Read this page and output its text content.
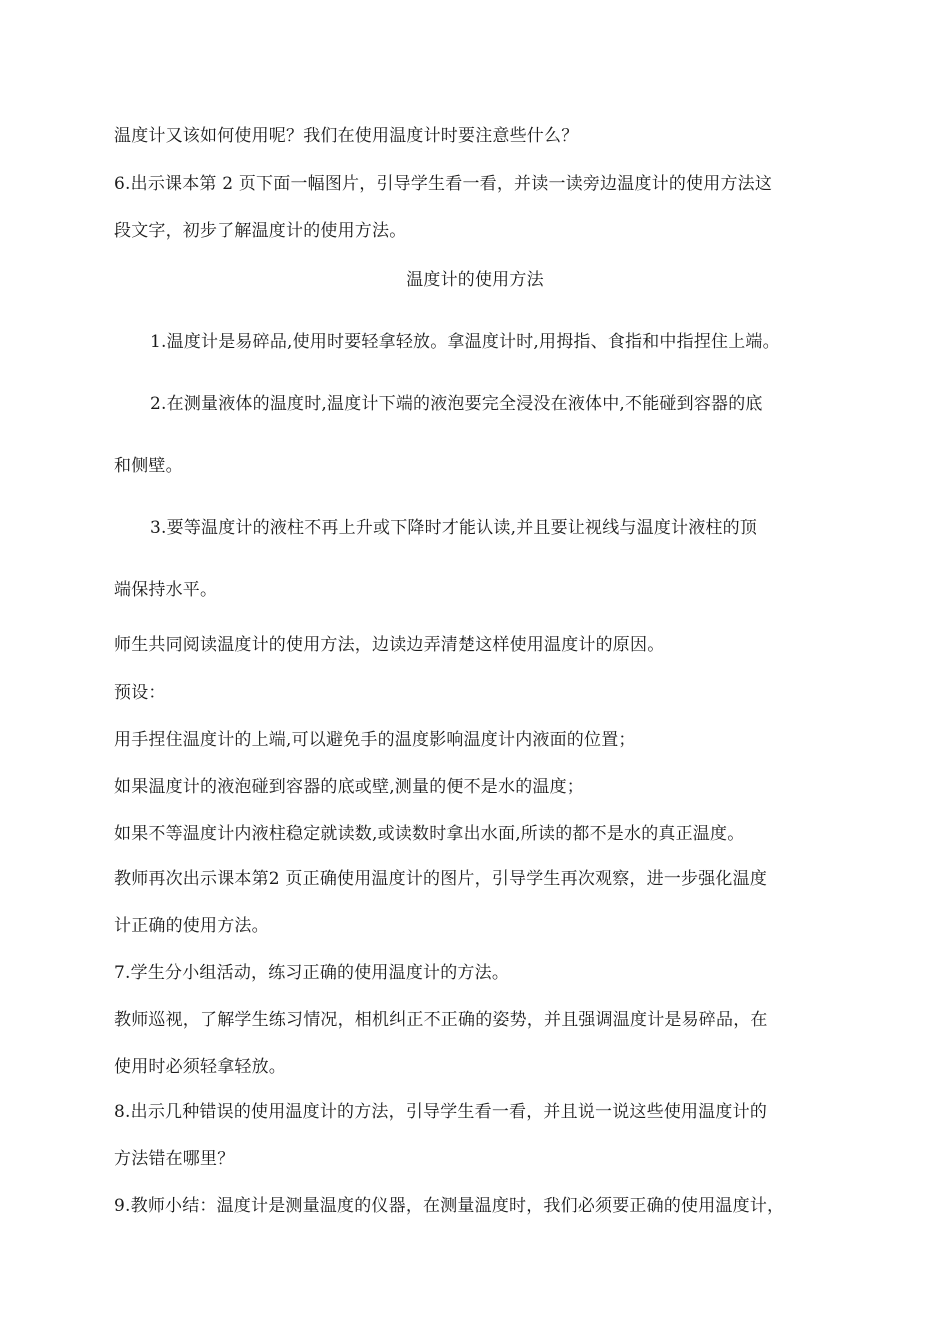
温度计又该如何使用呢？我们在使用温度计时要注意些什么？
6.出示课本第 2 页下面一幅图片，引导学生看一看，并读一读旁边温度计的使用方法这
段文字，初步了解温度计的使用方法。
温度计的使用方法
1.温度计是易碎品,使用时要轻拿轻放。拿温度计时,用拇指、食指和中指捏住上端。
2.在测量液体的温度时,温度计下端的液泡要完全浸没在液体中,不能碰到容器的底
和侧壁。
3.要等温度计的液柱不再上升或下降时才能认读,并且要让视线与温度计液柱的顶
端保持水平。
师生共同阅读温度计的使用方法，边读边弄清楚这样使用温度计的原因。
预设：
用手捏住温度计的上端,可以避免手的温度影响温度计内液面的位置；
如果温度计的液泡碰到容器的底或壁,测量的便不是水的温度；
如果不等温度计内液柱稳定就读数,或读数时拿出水面,所读的都不是水的真正温度。
教师再次出示课本第2 页正确使用温度计的图片，引导学生再次观察，进一步强化温度
计正确的使用方法。
7.学生分小组活动，练习正确的使用温度计的方法。
教师巡视，了解学生练习情况，相机纠正不正确的姿势，并且强调温度计是易碎品，在
使用时必须轻拿轻放。
8.出示几种错误的使用温度计的方法，引导学生看一看，并且说一说这些使用温度计的
方法错在哪里？
9.教师小结：温度计是测量温度的仪器，在测量温度时，我们必须要正确的使用温度计，
